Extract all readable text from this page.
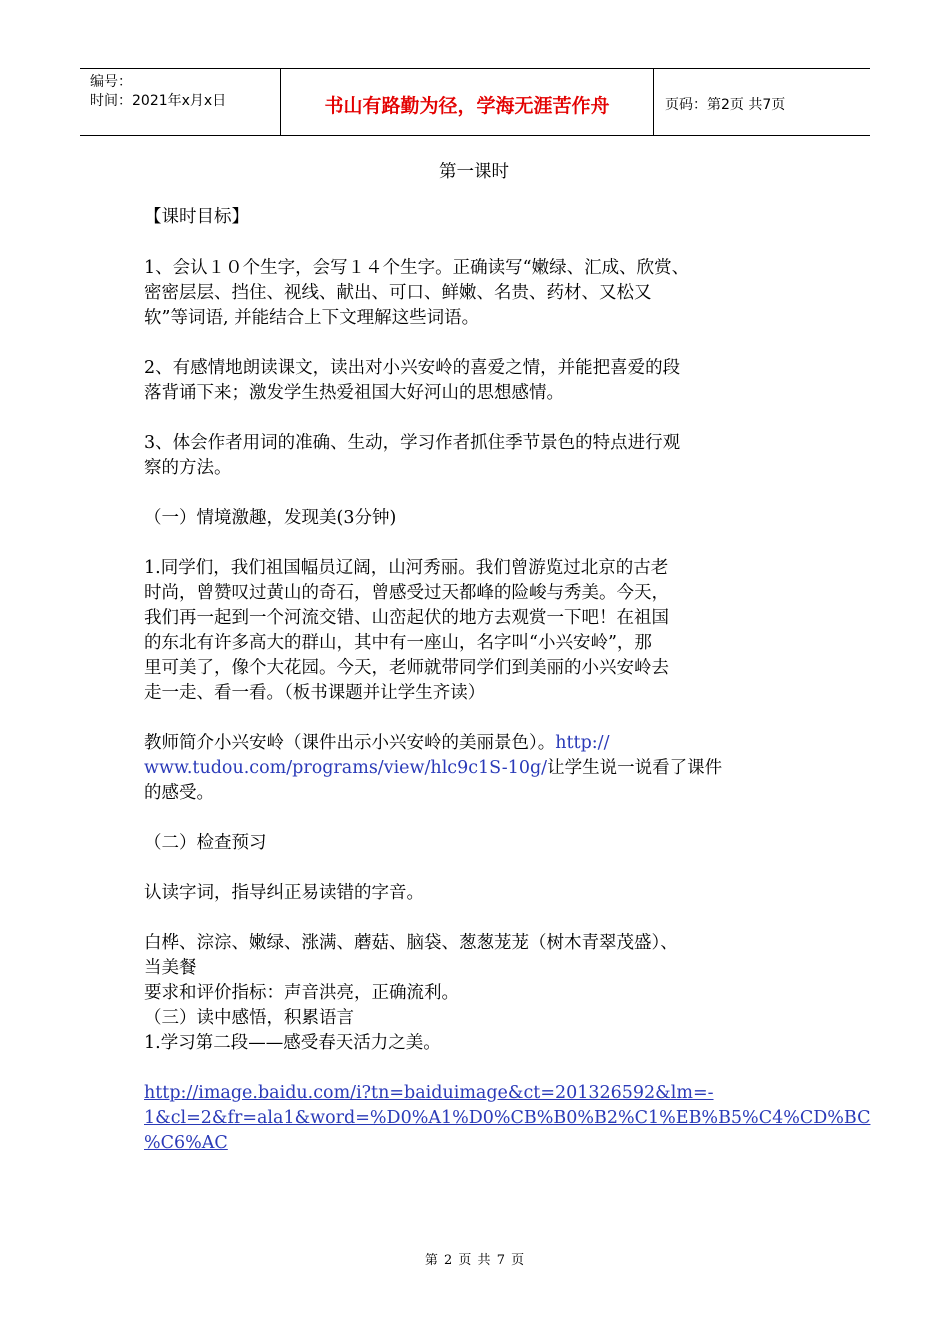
编号：
时间：2021年x月x日	书山有路勤为径，学海无涯苦作舟	页码：第2页 共7页
第一课时
【课时目标】
1、会认１０个生字，会写１４个生字。正确读写“嫩绿、汇成、欣赏、
密密层层、挡住、视线、献出、可口、鲜嫩、名贵、药材、又松又
软”等词语, 并能结合上下文理解这些词语。
2、有感情地朗读课文，读出对小兴安岭的喜爱之情，并能把喜爱的段
落背诵下来；激发学生热爱祖国大好河山的思想感情。
3、体会作者用词的准确、生动，学习作者抓住季节景色的特点进行观
察的方法。
（一）情境激趣，发现美(3分钟)
1.同学们，我们祖国幅员辽阔，山河秀丽。我们曾游览过北京的古老
时尚，曾赞叹过黄山的奇石，曾感受过天都峰的险峻与秀美。今天，
我们再一起到一个河流交错、山峦起伏的地方去观赏一下吧！在祖国
的东北有许多高大的群山，其中有一座山，名字叫“小兴安岭”，那
里可美了，像个大花园。今天，老师就带同学们到美丽的小兴安岭去
走一走、看一看。（板书课题并让学生齐读）
教师简介小兴安岭（课件出示小兴安岭的美丽景色）。http://
www.tudou.com/programs/view/hlc9c1S-10g/让学生说一说看了课件
的感受。
（二）检查预习
认读字词，指导纠正易读错的字音。
白桦、淙淙、嫩绿、涨满、蘑菇、脑袋、葱葱茏茏（树木青翠茂盛）、
当美餐
要求和评价指标：声音洪亮，正确流利。
（三）读中感悟，积累语言
1.学习第二段——感受春天活力之美。
http://image.baidu.com/i?tn=baiduimage&ct=201326592&lm=-
1&cl=2&fr=ala1&word=%D0%A1%D0%CB%B0%B2%C1%EB%B5%C4%CD%BC
%C6%AC
第 2 页 共 7 页
